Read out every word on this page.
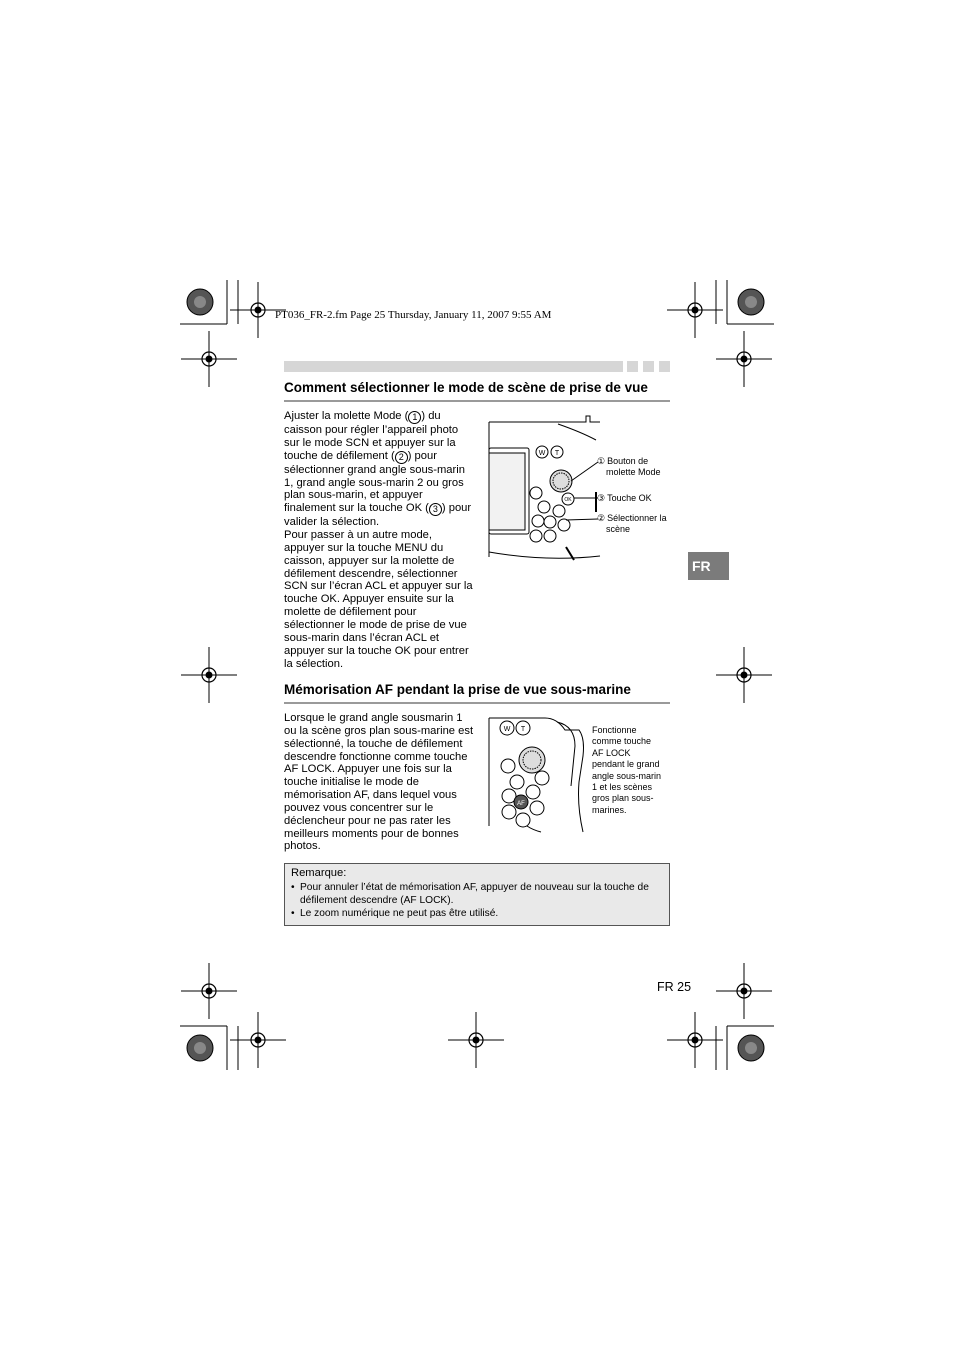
PT036_FR-2.fm Page 25 Thursday, January 11, 2007 9:55 AM
Comment sélectionner le mode de scène de prise de vue

Ajuster la molette Mode ( 1 ) du caisson pour régler l’appareil photo sur le mode SCN et appuyer sur la touche de défilement ( 2 ) pour sélectionner grand angle sous-marin 1, grand angle sous-marin 2 ou gros plan sous-marin, et appuyer finalement sur la touche OK ( 3 ) pour valider la sélection.

Pour passer à un autre mode, appuyer sur la touche MENU du caisson, appuyer sur la molette de défilement descendre, sélectionner SCN sur l’écran ACL et appuyer sur la touche OK. Appuyer ensuite sur la molette de défilement pour sélectionner le mode de prise de vue sous-marin dans l’écran ACL et appuyer sur la touche OK pour entrer la sélection.

W T
OK
① Bouton de
molette Mode
③ Touche OK
② Sélectionner la
scène
FR
Mémorisation AF pendant la prise de vue sous-marine
Lorsque le grand angle sousmarin 1 ou la scène gros plan sous-marine est sélectionné, la touche de défilement descendre fonctionne comme touche AF LOCK. Appuyer une fois sur la touche initialise le mode de mémorisation AF, dans lequel vous pouvez vous concentrer sur le déclencheur pour ne pas rater les meilleurs moments pour de bonnes photos.
W T
AF
Fonctionne
comme touche
AF LOCK
pendant le grand
angle sous-marin
1 et les scènes
gros plan sous-
marines.
Remarque:
• Pour annuler l’état de mémorisation AF, appuyer de nouveau sur la touche de défilement descendre (AF LOCK).
• Le zoom numérique ne peut pas être utilisé.
FR 25
